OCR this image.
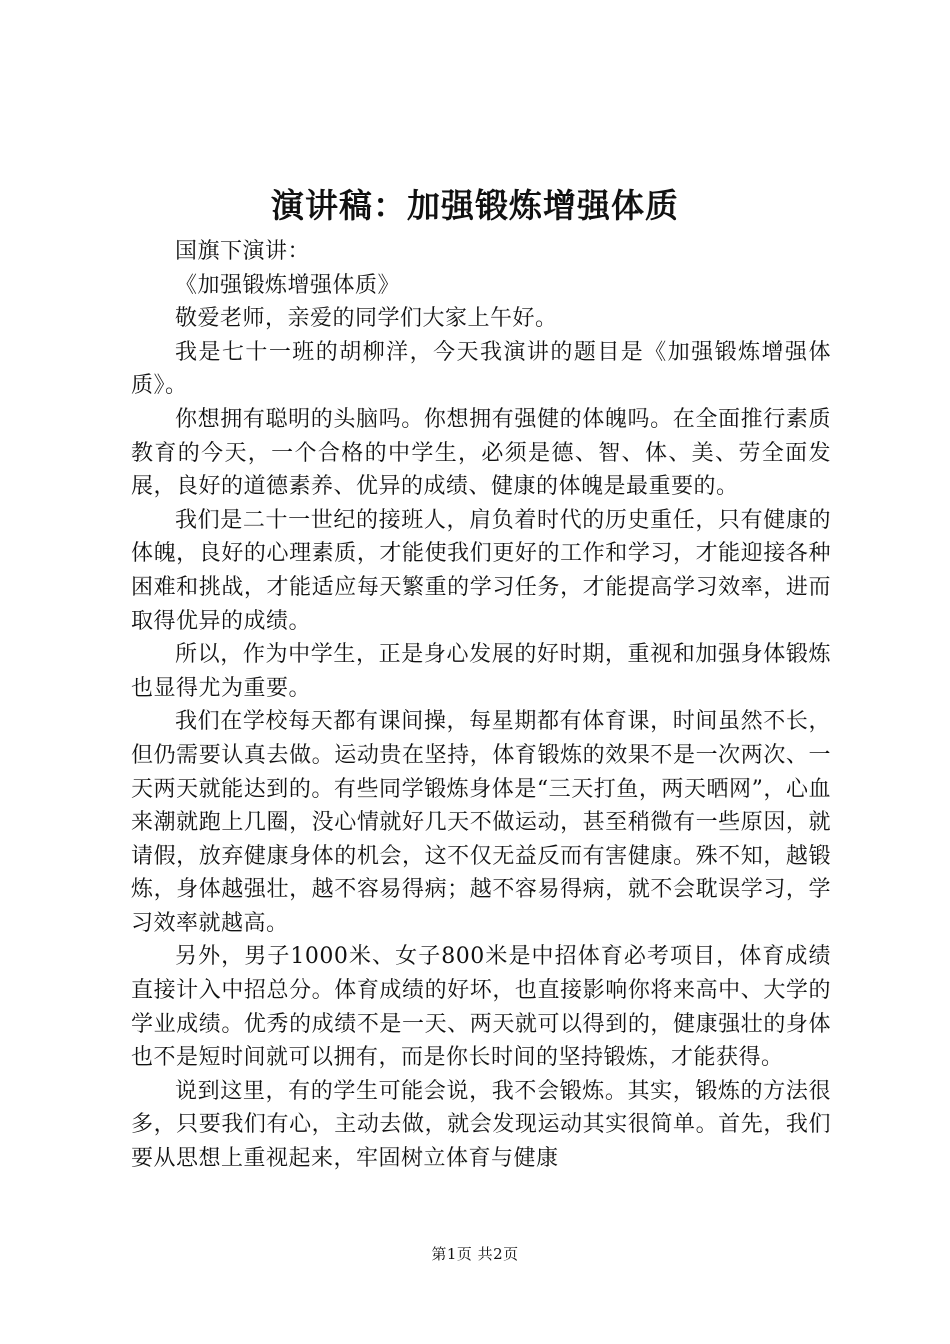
演讲稿：加强锻炼增强体质

国旗下演讲：

《加强锻炼增强体质》

敬爱老师，亲爱的同学们大家上午好。

我是七十一班的胡柳洋，今天我演讲的题目是《加强锻炼增强体质》。

你想拥有聪明的头脑吗。你想拥有强健的体魄吗。在全面推行素质教育的今天，一个合格的中学生，必须是德、智、体、美、劳全面发展，良好的道德素养、优异的成绩、健康的体魄是最重要的。

我们是二十一世纪的接班人，肩负着时代的历史重任，只有健康的体魄，良好的心理素质，才能使我们更好的工作和学习，才能迎接各种困难和挑战，才能适应每天繁重的学习任务，才能提高学习效率，进而取得优异的成绩。

所以，作为中学生，正是身心发展的好时期，重视和加强身体锻炼也显得尤为重要。

我们在学校每天都有课间操，每星期都有体育课，时间虽然不长，但仍需要认真去做。运动贵在坚持，体育锻炼的效果不是一次两次、一天两天就能达到的。有些同学锻炼身体是“三天打鱼，两天晒网”，心血来潮就跑上几圈，没心情就好几天不做运动，甚至稍微有一些原因，就请假，放弃健康身体的机会，这不仅无益反而有害健康。殊不知，越锻炼，身体越强壮，越不容易得病；越不容易得病，就不会耽误学习，学习效率就越高。

另外，男子1000米、女子800米是中招体育必考项目，体育成绩直接计入中招总分。体育成绩的好坏，也直接影响你将来高中、大学的学业成绩。优秀的成绩不是一天、两天就可以得到的，健康强壮的身体也不是短时间就可以拥有，而是你长时间的坚持锻炼，才能获得。

说到这里，有的学生可能会说，我不会锻炼。其实，锻炼的方法很多，只要我们有心，主动去做，就会发现运动其实很简单。首先，我们要从思想上重视起来，牢固树立体育与健康

第1页 共2页
